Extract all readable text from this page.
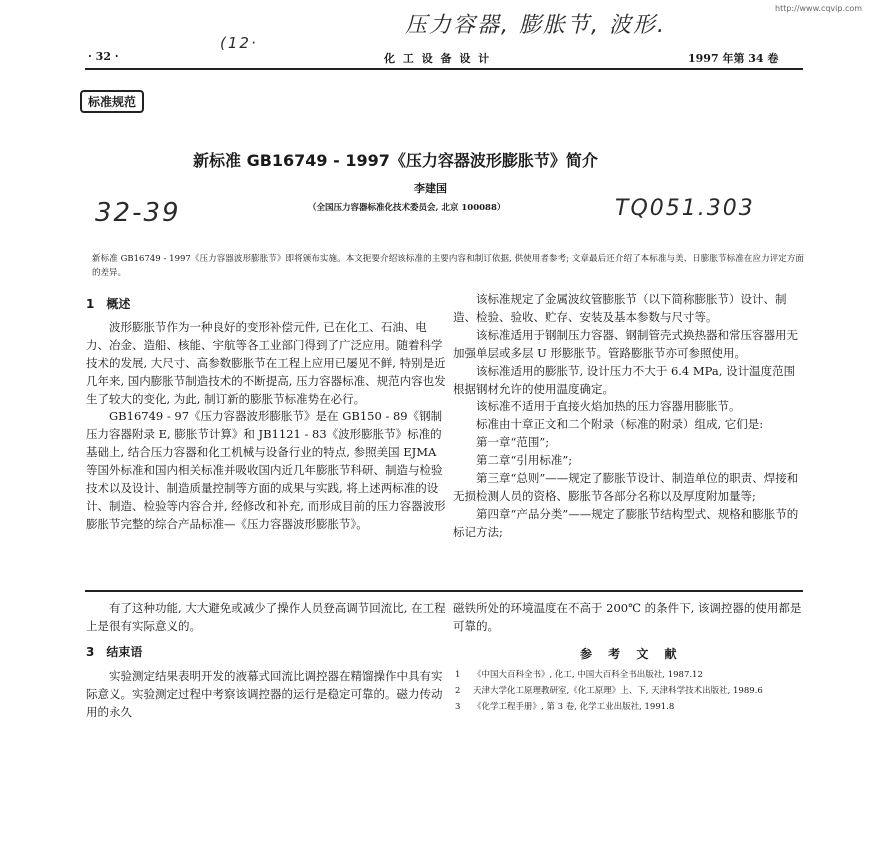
压力容器, 膨胀节, 波形.
(12·
http://www.cqvip.com
· 32 ·	化 工 设 备 设 计	1997 年第 34 卷
标准规范
新标准 GB16749 - 1997《压力容器波形膨胀节》简介
李建国
32-39	（全国压力容器标准化技术委员会, 北京 100088）	TQ051.303
新标准 GB16749 - 1997《压力容器波形膨胀节》即将颁布实施。本文扼要介绍该标准的主要内容和制订依据, 供使用者参考; 文章最后还介绍了本标准与美、日膨胀节标准在应力评定方面的差异。

1　概述

波形膨胀节作为一种良好的变形补偿元件, 已在化工、石油、电力、冶金、造船、核能、宇航等各工业部门得到了广泛应用。随着科学技术的发展, 大尺寸、高参数膨胀节在工程上应用已屡见不鲜, 特别是近几年来, 国内膨胀节制造技术的不断提高, 压力容器标准、规范内容也发生了较大的变化, 为此, 制订新的膨胀节标准势在必行。

GB16749 - 97《压力容器波形膨胀节》是在 GB150 - 89《钢制压力容器附录 E, 膨胀节计算》和 JB1121 - 83《波形膨胀节》标准的基础上, 结合压力容器和化工机械与设备行业的特点, 参照美国 EJMA 等国外标准和国内相关标准并吸收国内近几年膨胀节科研、制造与检验技术以及设计、制造质量控制等方面的成果与实践, 将上述两标准的设计、制造、检验等内容合并, 经修改和补充, 而形成目前的压力容器波形膨胀节完整的综合产品标准—《压力容器波形膨胀节》。

该标准规定了金属波纹管膨胀节（以下简称膨胀节）设计、制造、检验、验收、贮存、安装及基本参数与尺寸等。

该标准适用于钢制压力容器、钢制管壳式换热器和常压容器用无加强单层或多层 U 形膨胀节。管路膨胀节亦可参照使用。

该标准适用的膨胀节, 设计压力不大于 6.4 MPa, 设计温度范围根据钢材允许的使用温度确定。

该标准不适用于直接火焰加热的压力容器用膨胀节。

标准由十章正文和二个附录（标准的附录）组成, 它们是:

第一章“范围”;

第二章“引用标准”;

第三章“总则”——规定了膨胀节设计、制造单位的职责、焊接和无损检测人员的资格、膨胀节各部分名称以及厚度附加量等;

第四章“产品分类”——规定了膨胀节结构型式、规格和膨胀节的标记方法;

有了这种功能, 大大避免或减少了操作人员登高调节回流比, 在工程上是很有实际意义的。

3　结束语

实验测定结果表明开发的液幕式回流比调控器在精馏操作中具有实际意义。实验测定过程中考察该调控器的运行是稳定可靠的。磁力传动用的永久

磁铁所处的环境温度在不高于 200℃ 的条件下, 该调控器的使用都是可靠的。

参 考 文 献
1	《中国大百科全书》, 化工, 中国大百科全书出版社, 1987.12
2	天津大学化工原理教研室,《化工原理》上、下, 天津科学技术出版社, 1989.6
3	《化学工程手册》, 第 3 卷, 化学工业出版社, 1991.8
